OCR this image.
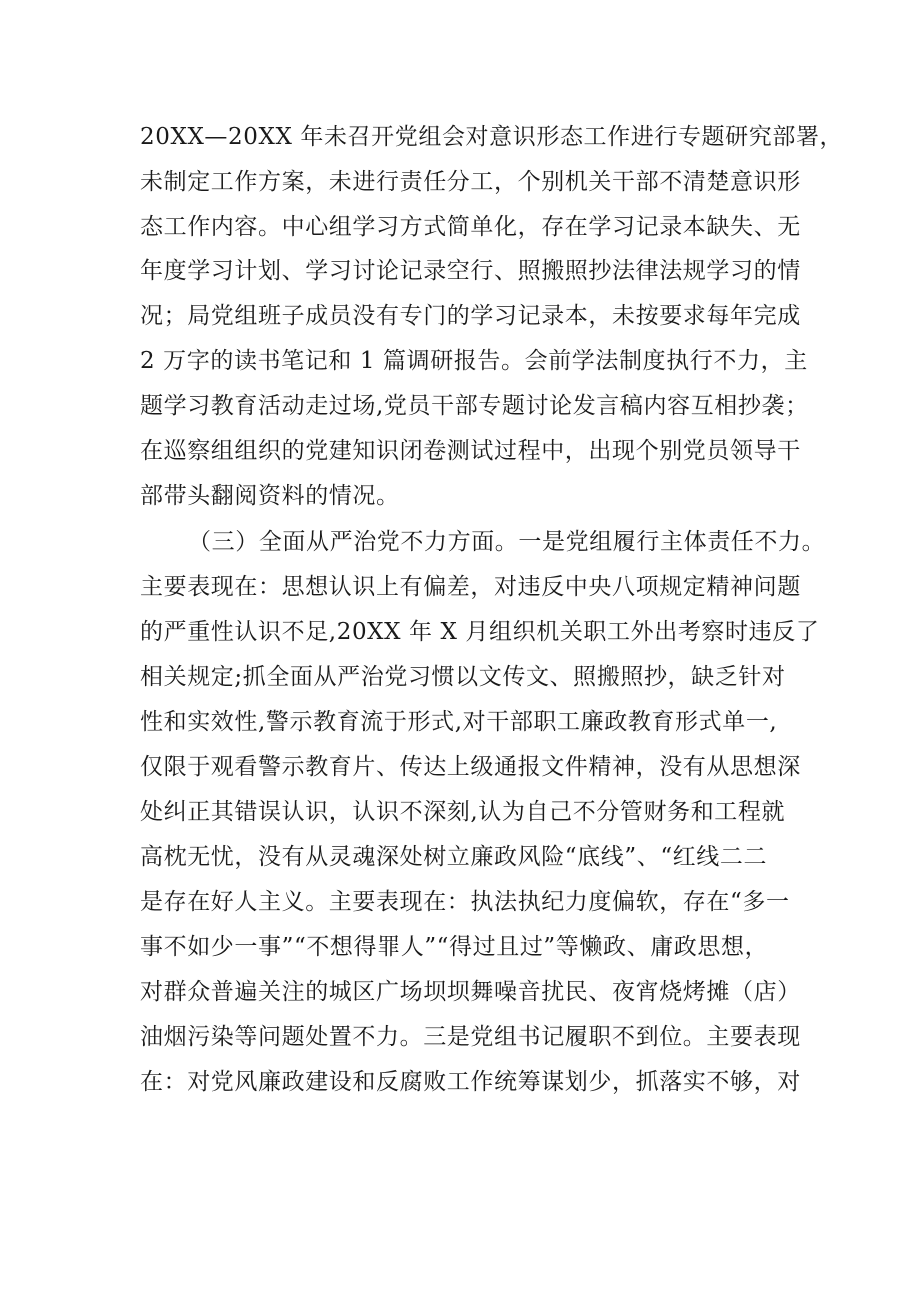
20XX—20XX 年未召开党组会对意识形态工作进行专题研究部署，
未制定工作方案，未进行责任分工，个别机关干部不清楚意识形
态工作内容。中心组学习方式简单化，存在学习记录本缺失、无
年度学习计划、学习讨论记录空行、照搬照抄法律法规学习的情
况；局党组班子成员没有专门的学习记录本，未按要求每年完成
2 万字的读书笔记和 1 篇调研报告。会前学法制度执行不力，主
题学习教育活动走过场,党员干部专题讨论发言稿内容互相抄袭；
在巡察组组织的党建知识闭卷测试过程中，出现个别党员领导干
部带头翻阅资料的情况。
（三）全面从严治党不力方面。一是党组履行主体责任不力。
主要表现在：思想认识上有偏差，对违反中央八项规定精神问题
的严重性认识不足,20XX 年 X 月组织机关职工外出考察时违反了
相关规定;抓全面从严治党习惯以文传文、照搬照抄，缺乏针对
性和实效性,警示教育流于形式,对干部职工廉政教育形式单一,
仅限于观看警示教育片、传达上级通报文件精神，没有从思想深
处纠正其错误认识，认识不深刻,认为自己不分管财务和工程就
高枕无忧，没有从灵魂深处树立廉政风险“底线”、“红线二二
是存在好人主义。主要表现在：执法执纪力度偏软，存在“多一
事不如少一事”“不想得罪人”“得过且过”等懒政、庸政思想，
对群众普遍关注的城区广场坝坝舞噪音扰民、夜宵烧烤摊（店）
油烟污染等问题处置不力。三是党组书记履职不到位。主要表现
在：对党风廉政建设和反腐败工作统筹谋划少，抓落实不够，对
